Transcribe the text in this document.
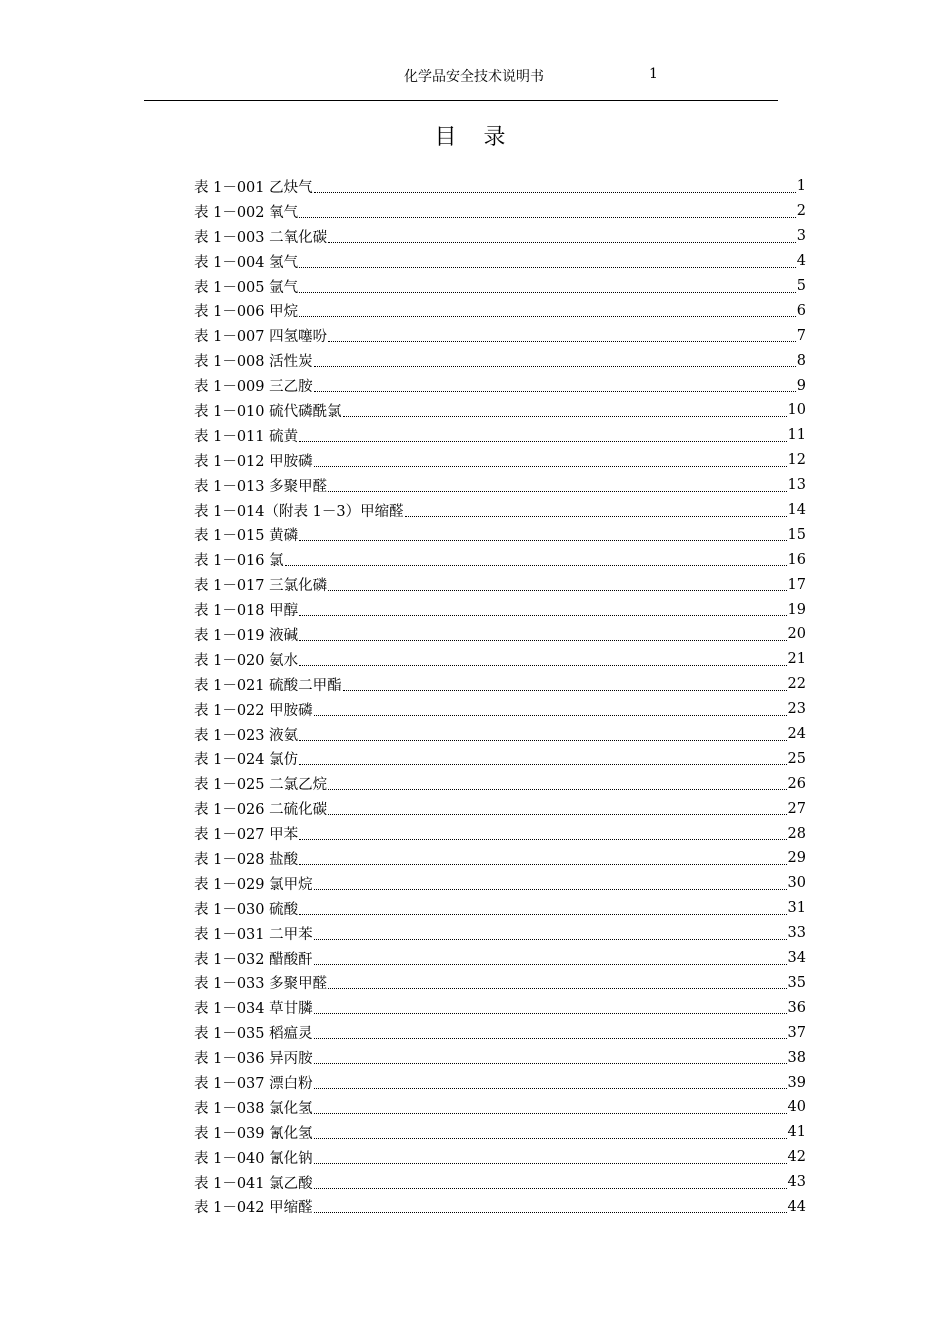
化学品安全技术说明书	1
目 录
表 1－001 乙炔气	1
表 1－002 氧气	2
表 1－003 二氧化碳	3
表 1－004 氢气	4
表 1－005 氩气	5
表 1－006 甲烷	6
表 1－007 四氢噻吩	7
表 1－008 活性炭	8
表 1－009 三乙胺	9
表 1－010 硫代磷酰氯	10
表 1－011 硫黄	11
表 1－012 甲胺磷	12
表 1－013 多聚甲醛	13
表 1－014（附表 1－3）甲缩醛	14
表 1－015 黄磷	15
表 1－016 氯	16
表 1－017 三氯化磷	17
表 1－018 甲醇	19
表 1－019 液碱	20
表 1－020 氨水	21
表 1－021 硫酸二甲酯	22
表 1－022 甲胺磷	23
表 1－023 液氨	24
表 1－024 氯仿	25
表 1－025 二氯乙烷	26
表 1－026 二硫化碳	27
表 1－027 甲苯	28
表 1－028 盐酸	29
表 1－029 氯甲烷	30
表 1－030 硫酸	31
表 1－031 二甲苯	33
表 1－032 醋酸酐	34
表 1－033 多聚甲醛	35
表 1－034 草甘膦	36
表 1－035 稻瘟灵	37
表 1－036 异丙胺	38
表 1－037 漂白粉	39
表 1－038 氯化氢	40
表 1－039 氰化氢	41
表 1－040 氰化钠	42
表 1－041 氯乙酸	43
表 1－042 甲缩醛	44
